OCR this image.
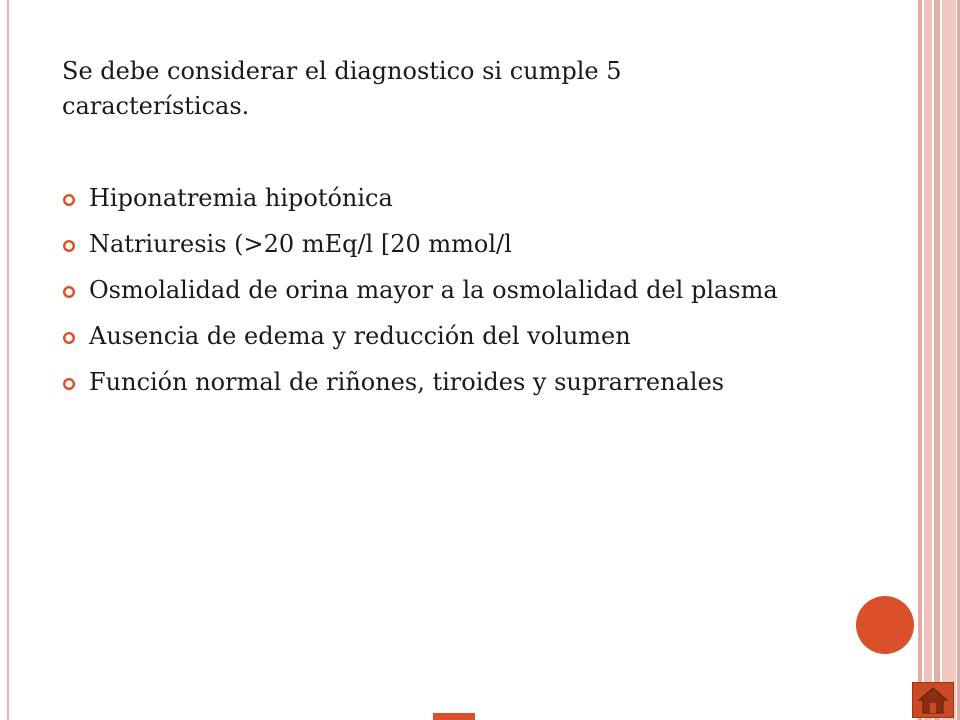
Se debe considerar el diagnostico si cumple 5 características.

Hiponatremia hipotónica
Natriuresis (>20 mEq/l [20 mmol/l
Osmolalidad de orina mayor a la osmolalidad del plasma
Ausencia de edema y reducción del volumen
Función normal de riñones, tiroides y suprarrenales
